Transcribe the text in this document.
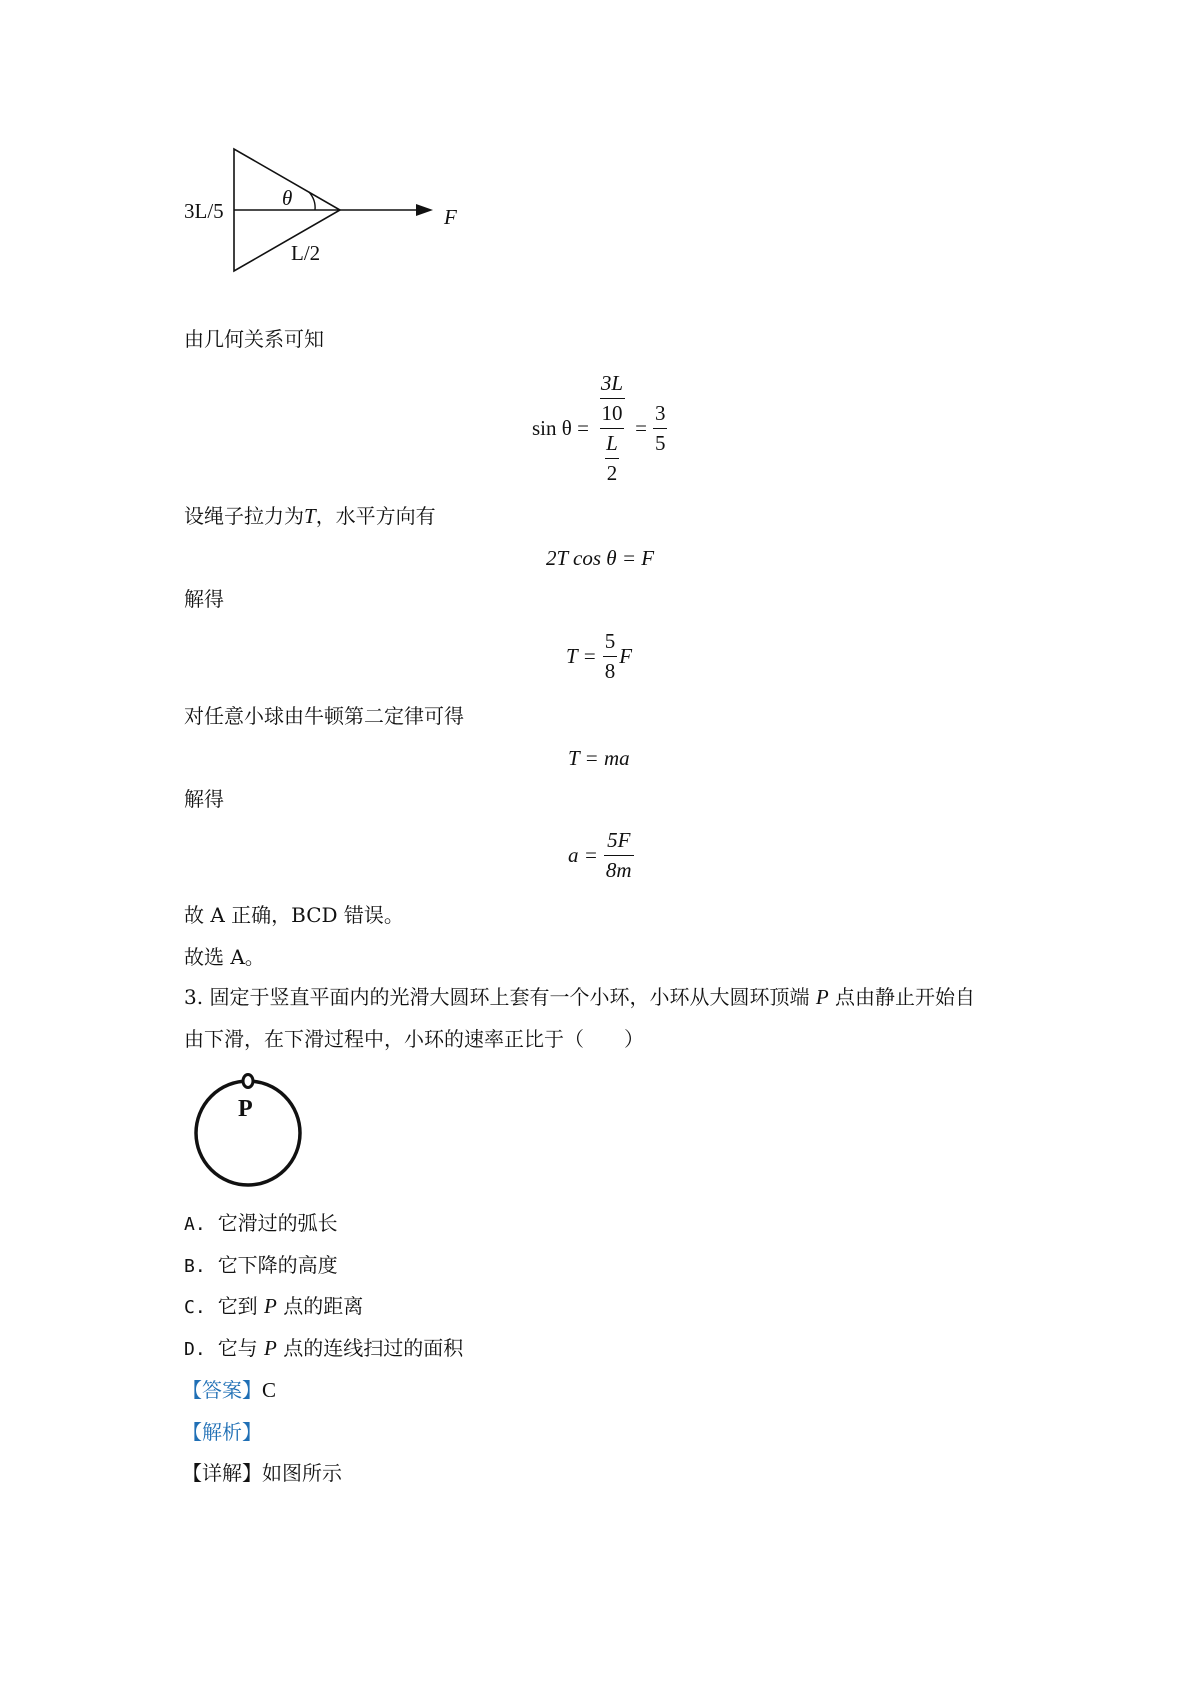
3L/5
θ
L/2
F
由几何关系可知
$\sin \theta = \frac{\frac{3L}{10}}{\frac{L}{2}} = \frac{3}{5}$
设绳子拉力为T，水平方向有
2T cos θ = F
解得
$T = \frac{5}{8}$ F
对任意小球由牛顿第二定律可得
T = ma
解得
$a = \frac{5F}{8m}$
故 A 正确，BCD 错误。
故选 A。
3. 固定于竖直平面内的光滑大圆环上套有一个小环，小环从大圆环顶端 P 点由静止开始自
由下滑，在下滑过程中，小环的速率正比于（　　）
P
A. 它滑过的弧长
B. 它下降的高度
C. 它到 P 点的距离
D. 它与 P 点的连线扫过的面积
【答案】C
【解析】
【详解】如图所示
